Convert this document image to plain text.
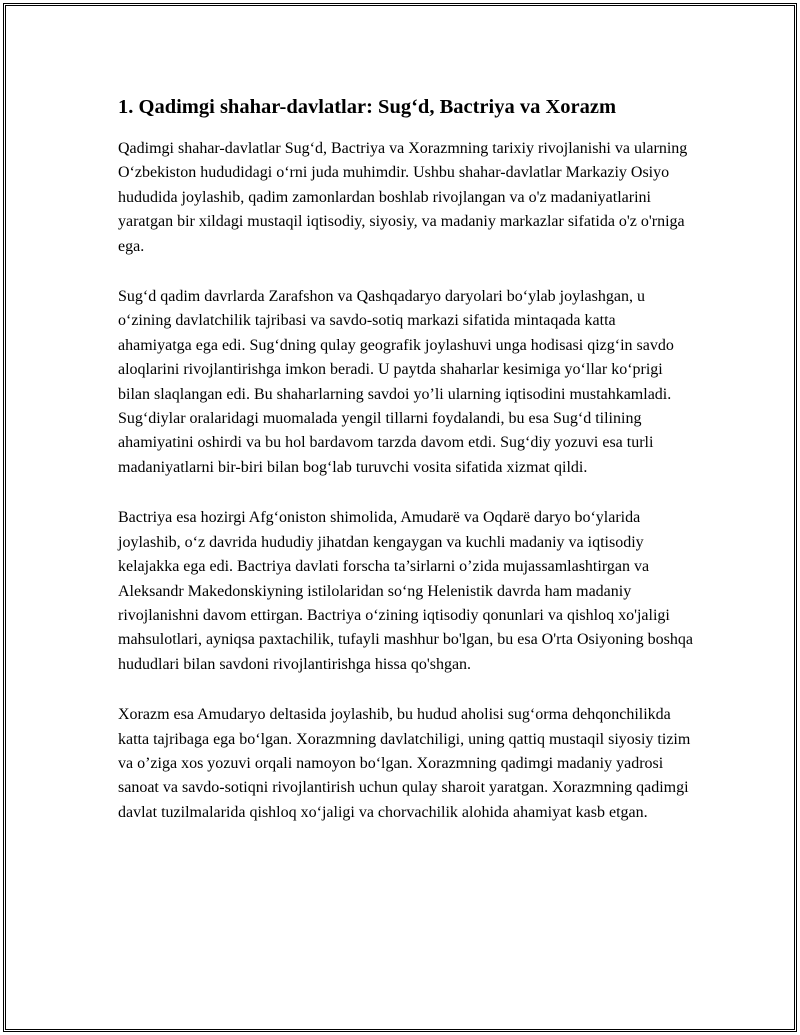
1. Qadimgi shahar-davlatlar: Sug‘d, Bactriya va Xorazm

Qadimgi shahar-davlatlar Sug‘d, Bactriya va Xorazmning tarixiy rivojlanishi va ularning O‘zbekiston hududidagi o‘rni juda muhimdir. Ushbu shahar-davlatlar Markaziy Osiyo hududida joylashib, qadim zamonlardan boshlab rivojlangan va o'z madaniyatlarini yaratgan bir xildagi mustaqil iqtisodiy, siyosiy, va madaniy markazlar sifatida o'z o'rniga ega.

Sug‘d qadim davrlarda Zarafshon va Qashqadaryo daryolari bo‘ylab joylashgan, u o‘zining davlatchilik tajribasi va savdo-sotiq markazi sifatida mintaqada katta ahamiyatga ega edi. Sug‘dning qulay geografik joylashuvi unga hodisasi qizg‘in savdo aloqlarini rivojlantirishga imkon beradi. U paytda shaharlar kesimiga yo‘llar ko‘prigi bilan slaqlangan edi. Bu shaharlarning savdoi yo’li ularning iqtisodini mustahkamladi. Sug‘diylar oralaridagi muomalada yengil tillarni foydalandi, bu esa Sug‘d tilining ahamiyatini oshirdi va bu hol bardavom tarzda davom etdi. Sug‘diy yozuvi esa turli madaniyatlarni bir-biri bilan bog‘lab turuvchi vosita sifatida xizmat qildi.

Bactriya esa hozirgi Afg‘oniston shimolida, Amudarë va Oqdarë daryo bo‘ylarida joylashib, o‘z davrida hududiy jihatdan kengaygan va kuchli madaniy va iqtisodiy kelajakka ega edi. Bactriya davlati forscha ta’sirlarni o’zida mujassamlashtirgan va Aleksandr Makedonskiyning istilolaridan so‘ng Helenistik davrda ham madaniy rivojlanishni davom ettirgan. Bactriya o‘zining iqtisodiy qonunlari va qishloq xo'jaligi mahsulotlari, ayniqsa paxtachilik, tufayli mashhur bo'lgan, bu esa O'rta Osiyoning boshqa hududlari bilan savdoni rivojlantirishga hissa qo'shgan.

Xorazm esa Amudaryo deltasida joylashib, bu hudud aholisi sug‘orma dehqonchilikda katta tajribaga ega bo‘lgan. Xorazmning davlatchiligi, uning qattiq mustaqil siyosiy tizim va o’ziga xos yozuvi orqali namoyon bo‘lgan. Xorazmning qadimgi madaniy yadrosi sanoat va savdo-sotiqni rivojlantirish uchun qulay sharoit yaratgan. Xorazmning qadimgi davlat tuzilmalarida qishloq xo‘jaligi va chorvachilik alohida ahamiyat kasb etgan.
